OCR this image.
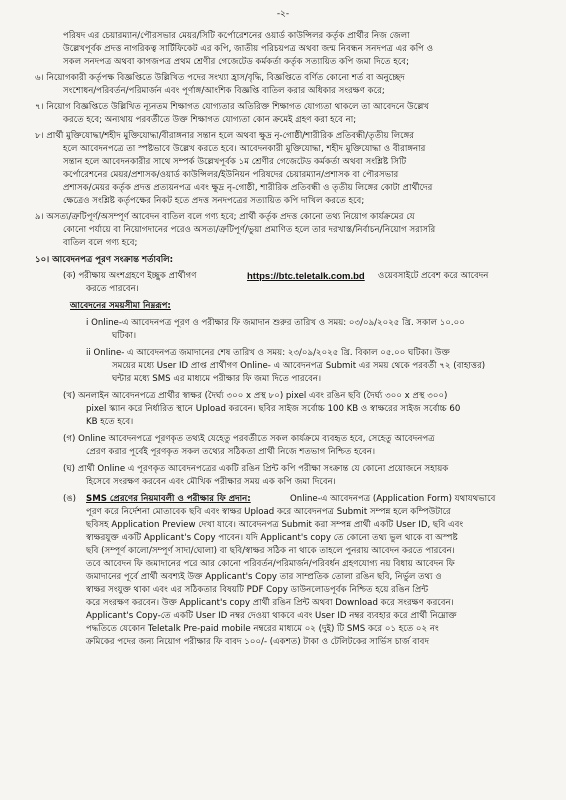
-২-
পরিষদ এর চেয়ারম্যান/পৌরসভার মেয়র/সিটি কর্পোরেশনের ওয়ার্ড কাউন্সিলর কর্তৃক প্রার্থীর নিজ জেলা
উল্লেখপূর্বক প্রদত্ত নাগরিকত্ব সার্টিফিকেট এর কপি, জাতীয় পরিচয়পত্র অথবা জন্ম নিবন্ধন সনদপত্র এর কপি ও
সকল সনদপত্র অথবা কাগজপত্র প্রথম শ্রেণীর গেজেটেড কর্মকর্তা কর্তৃক সত্যায়িত কপি জমা দিতে হবে;
৬। নিয়োগকারী কর্তৃপক্ষ বিজ্ঞপ্তিতে উল্লিখিত পদের সংখ্যা হ্রাস/বৃদ্ধি, বিজ্ঞপ্তিতে বর্ণিত কোনো শর্ত বা অনুচ্ছেদ
সংশোধন/পরিবর্তন/পরিমার্জন এবং পূর্ণাঙ্গ/আংশিক বিজ্ঞপ্তি বাতিল করার অধিকার সংরক্ষণ করে;
৭। নিয়োগ বিজ্ঞপ্তিতে উল্লিখিত ন্যূনতম শিক্ষাগত যোগ্যতার অতিরিক্ত শিক্ষাগত যোগ্যতা থাকলে তা আবেদনে উল্লেখ
করতে হবে; অন্যথায় পরবর্তীতে উক্ত শিক্ষাগত যোগ্যতা কোন ক্রমেই গ্রহণ করা হবে না;
৮। প্রার্থী মুক্তিযোদ্ধা/শহীদ মুক্তিযোদ্ধা/বীরাঙ্গনার সন্তান হলে অথবা ক্ষুদ্র নৃ-গোষ্ঠী/শারীরিক প্রতিবন্ধী/তৃতীয় লিঙ্গের
হলে আবেদনপত্রে তা স্পষ্টভাবে উল্লেখ করতে হবে। আবেদনকারী মুক্তিযোদ্ধা, শহীদ মুক্তিযোদ্ধা ও বীরাঙ্গনার
সন্তান হলে আবেদনকারীর সাথে সম্পর্ক উল্লেখপূর্বক ১ম শ্রেণীর গেজেটেড কর্মকর্তা অথবা সংশ্লিষ্ট সিটি
কর্পোরেশনের মেয়র/প্রশাসক/ওয়ার্ড কাউন্সিলর/ইউনিয়ন পরিষদের চেয়ারম্যান/প্রশাসক বা পৌরসভার
প্রশাসক/মেয়র কর্তৃক প্রদত্ত প্রত্যয়নপত্র এবং ক্ষুদ্র নৃ-গোষ্ঠী, শারীরিক প্রতিবন্ধী ও তৃতীয় লিঙ্গের কোটা প্রার্থীদের
ক্ষেত্রেও সংশ্লিষ্ট কর্তৃপক্ষের নিকট হতে প্রদত্ত সনদপত্রের সত্যায়িত কপি দাখিল করতে হবে;
৯। অসত্য/ত্রুটিপূর্ণ/অসম্পূর্ণ আবেদন বাতিল বলে গণ্য হবে; প্রার্থী কর্তৃক প্রদত্ত কোনো তথ্য নিয়োগ কার্যক্রমের যে
কোনো পর্যায়ে বা নিয়োগদানের পরেও অসত্য/ত্রুটিপূর্ণ/ভুয়া প্রমাণিত হলে তার দরখাস্ত/নির্বাচন/নিয়োগ সরাসরি
বাতিল বলে গণ্য হবে;
১০। আবেদনপত্র পূরণ সংক্রান্ত শর্তাবলি:
(ক) পরীক্ষায় অংশগ্রহণে ইচ্ছুক প্রার্থীগণ	https://btc.teletalk.com.bd ওয়েবসাইটে প্রবেশ করে আবেদন
করতে পারবেন।
আবেদনের সময়সীমা নিম্নরূপ:
i Online-এ আবেদনপত্র পূরণ ও পরীক্ষার ফি জমাদান শুরুর তারিখ ও সময়: ০৩/০৯/২০২৫ খ্রি. সকাল ১০.০০
ঘটিকা।
ii Online- এ আবেদনপত্র জমাদানের শেষ তারিখ ও সময়: ২৩/০৯/২০২৫ খ্রি. বিকাল ০৫.০০ ঘটিকা। উক্ত
সময়ের মধ্যে User ID প্রাপ্ত প্রার্থীগণ Online- এ আবেদনপত্র Submit এর সময় থেকে পরবর্তী ৭২ (বাহাত্তর)
ঘন্টার মধ্যে SMS এর মাধ্যমে পরীক্ষার ফি জমা দিতে পারবেন।
(খ) অনলাইন আবেদনপত্রে প্রার্থীর স্বাক্ষর (দৈর্ঘ্য ৩০০ x প্রস্থ ৮০) pixel এবং রঙিন ছবি (দৈর্ঘ্য ৩০০ x প্রস্থ ৩০০)
pixel স্ক্যান করে নির্ধারিত স্থানে Upload করবেন। ছবির সাইজ সর্বোচ্চ 100 KB ও স্বাক্ষরের সাইজ সর্বোচ্চ 60
KB হতে হবে।
(গ) Online আবেদনপত্রে পূরণকৃত তথ্যই যেহেতু পরবর্তীতে সকল কার্যক্রমে ব্যবহৃত হবে, সেহেতু আবেদনপত্র
প্রেরণ করার পূর্বেই পূরণকৃত সকল তথ্যের সঠিকতা প্রার্থী নিজে শতভাগ নিশ্চিত হবেন।
(ঘ) প্রার্থী Online এ পূরণকৃত আবেদনপত্রের একটি রঙিন প্রিন্ট কপি পরীক্ষা সংক্রান্ত যে কোনো প্রয়োজনে সহায়ক
হিসেবে সংরক্ষণ করবেন এবং মৌখিক পরীক্ষার সময় এক কপি জমা দিবেন।
(ঙ) SMS প্রেরণের নিয়মাবলী ও পরীক্ষার ফি প্রদান:	Online-এ আবেদনপত্র (Application Form) যথাযথভাবে
পূরণ করে নির্দেশনা মোতাবেক ছবি এবং স্বাক্ষর Upload করে আবেদনপত্র Submit সম্পন্ন হলে কম্পিউটারে
ছবিসহ Application Preview দেখা যাবে। আবেদনপত্র Submit করা সম্পন্ন প্রার্থী একটি User ID, ছবি এবং
স্বাক্ষরযুক্ত একটি Applicant's Copy পাবেন। যদি Applicant's copy তে কোনো তথ্য ভুল থাকে বা অস্পষ্ট
ছবি (সম্পূর্ণ কালো/সম্পূর্ণ সাদা/ঘোলা) বা ছবি/স্বাক্ষর সঠিক না থাকে তাহলে পুনরায় আবেদন করতে পারবেন।
তবে আবেদন ফি জমাদানের পরে আর কোনো পরিবর্তন/পরিমার্জন/পরিবর্ধন গ্রহণযোগ্য নয় বিধায় আবেদন ফি
জমাদানের পূর্বে প্রার্থী অবশ্যই উক্ত Applicant's Copy তার সাম্প্রতিক তোলা রঙিন ছবি, নির্ভুল তথ্য ও
স্বাক্ষর সংযুক্ত থাকা এবং এর সঠিকতার বিষয়টি PDF Copy ডাউনলোডপূর্বক নিশ্চিত হয়ে রঙিন প্রিন্ট
করে সংরক্ষণ করবেন। উক্ত Applicant's copy প্রার্থী রঙিন প্রিন্ট অথবা Download করে সংরক্ষণ করবেন।
Applicant's Copy-তে একটি User ID নম্বর দেওয়া থাকবে এবং User ID নম্বর ব্যবহার করে প্রার্থী নিম্নোক্ত
পদ্ধতিতে যেকোন Teletalk Pre-paid mobile নম্বরের মাধ্যমে ০২ (দুই) টি SMS করে ০১ হতে ০২ নং
ক্রমিকের পদের জন্য নিয়োগ পরীক্ষার ফি বাবদ ১০০/- (একশত) টাকা ও টেলিটকের সার্ভিস চার্জ বাবদ
